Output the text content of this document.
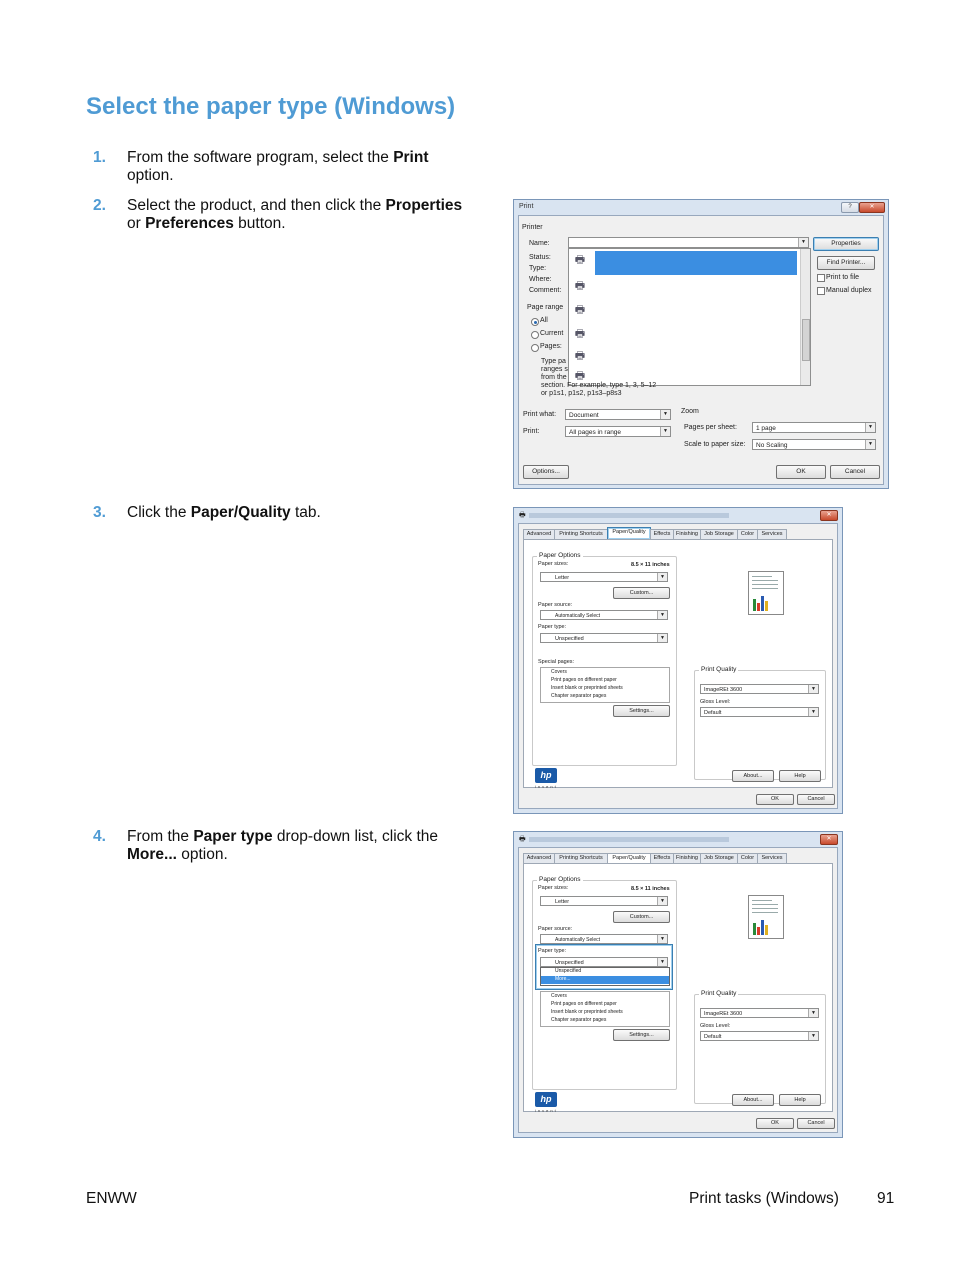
Select the paper type (Windows)
1. From the software program, select the Print option.
2. Select the product, and then click the Properties or Preferences button.
3. Click the Paper/Quality tab.
4. From the Paper type drop-down list, click the More... option.
Print	?	✕
Printer
Name:
Status:
Type:
Where:
Comment:
▼
🖶
🖶
🖶
🖶
🖶
🖶
Properties
Find Printer...
Print to file
Manual duplex
Page range
All
Current
Pages:
Type pa
ranges s
from the
section. For example, type 1, 3, 5–12
or p1s1, p1s2, p1s3–p8s3
Print what:	Document	▼
Print:	All pages in range	▼
Zoom
Pages per sheet:	1 page	▼
Scale to paper size:	No Scaling	▼
Options...	OK	Cancel
🖶	✕
Advanced	Printing Shortcuts	Paper/Quality	Effects	Finishing	Job Storage	Color	Services
Paper Options
Paper sizes:	8.5 × 11 inches
Letter	▼
Custom...
Paper source:
Automatically Select	▼
Paper type:
Unspecified	▼
Special pages:
Covers
Print pages on different paper
Insert blank or preprinted sheets
Chapter separator pages
Settings...
Print Quality
ImageREt 3600	▼
Gloss Level:
Default	▼
hp
invent
About...	Help
OK	Cancel
🖶	✕
Advanced	Printing Shortcuts	Paper/Quality	Effects	Finishing	Job Storage	Color	Services
Paper Options
Paper sizes:	8.5 × 11 inches
Letter	▼
Custom...
Paper source:
Automatically Select	▼
Paper type:
Unspecified	▼
Unspecified
More...
Covers
Print pages on different paper
Insert blank or preprinted sheets
Chapter separator pages
Settings...
Print Quality
ImageREt 3600	▼
Gloss Level:
Default	▼
hp
invent
About...	Help
OK	Cancel
ENWW	Print tasks (Windows) 91
